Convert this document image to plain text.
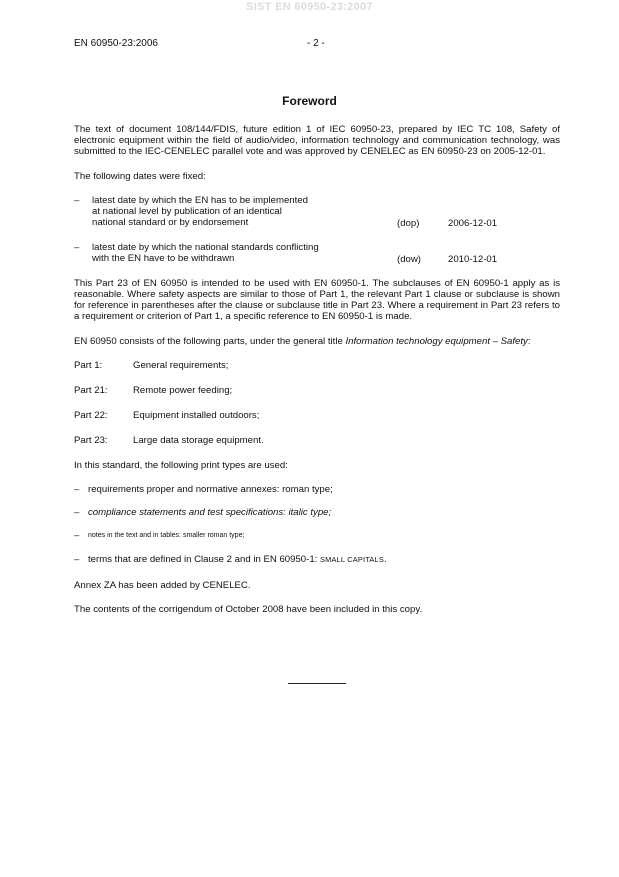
SIST EN 60950-23:2007
EN 60950-23:2006	- 2 -
Foreword

The text of document 108/144/FDIS, future edition 1 of IEC 60950-23, prepared by IEC TC 108, Safety of electronic equipment within the field of audio/video, information technology and communication technology, was submitted to the IEC-CENELEC parallel vote and was approved by CENELEC as EN 60950-23 on 2005-12-01.

The following dates were fixed:

– latest date by which the EN has to be implemented
at national level by publication of an identical
national standard or by endorsement	(dop)	2006-12-01
– latest date by which the national standards conflicting
with the EN have to be withdrawn	(dow)	2010-12-01

This Part 23 of EN 60950 is intended to be used with EN 60950-1. The subclauses of EN 60950-1 apply as is reasonable. Where safety aspects are similar to those of Part 1, the relevant Part 1 clause or subclause is shown for reference in parentheses after the clause or subclause title in Part 23. Where a requirement in Part 23 refers to a requirement or criterion of Part 1, a specific reference to EN 60950-1 is made.

EN 60950 consists of the following parts, under the general title Information technology equipment – Safety:

Part 1:	General requirements;
Part 21:	Remote power feeding;
Part 22:	Equipment installed outdoors;
Part 23:	Large data storage equipment.

In this standard, the following print types are used:

– requirements proper and normative annexes: roman type;
– compliance statements and test specifications: italic type;
–	notes in the text and in tables: smaller roman type;
– terms that are defined in Clause 2 and in EN 60950-1: SMALL CAPITALS.

Annex ZA has been added by CENELEC.

The contents of the corrigendum of October 2008 have been included in this copy.
